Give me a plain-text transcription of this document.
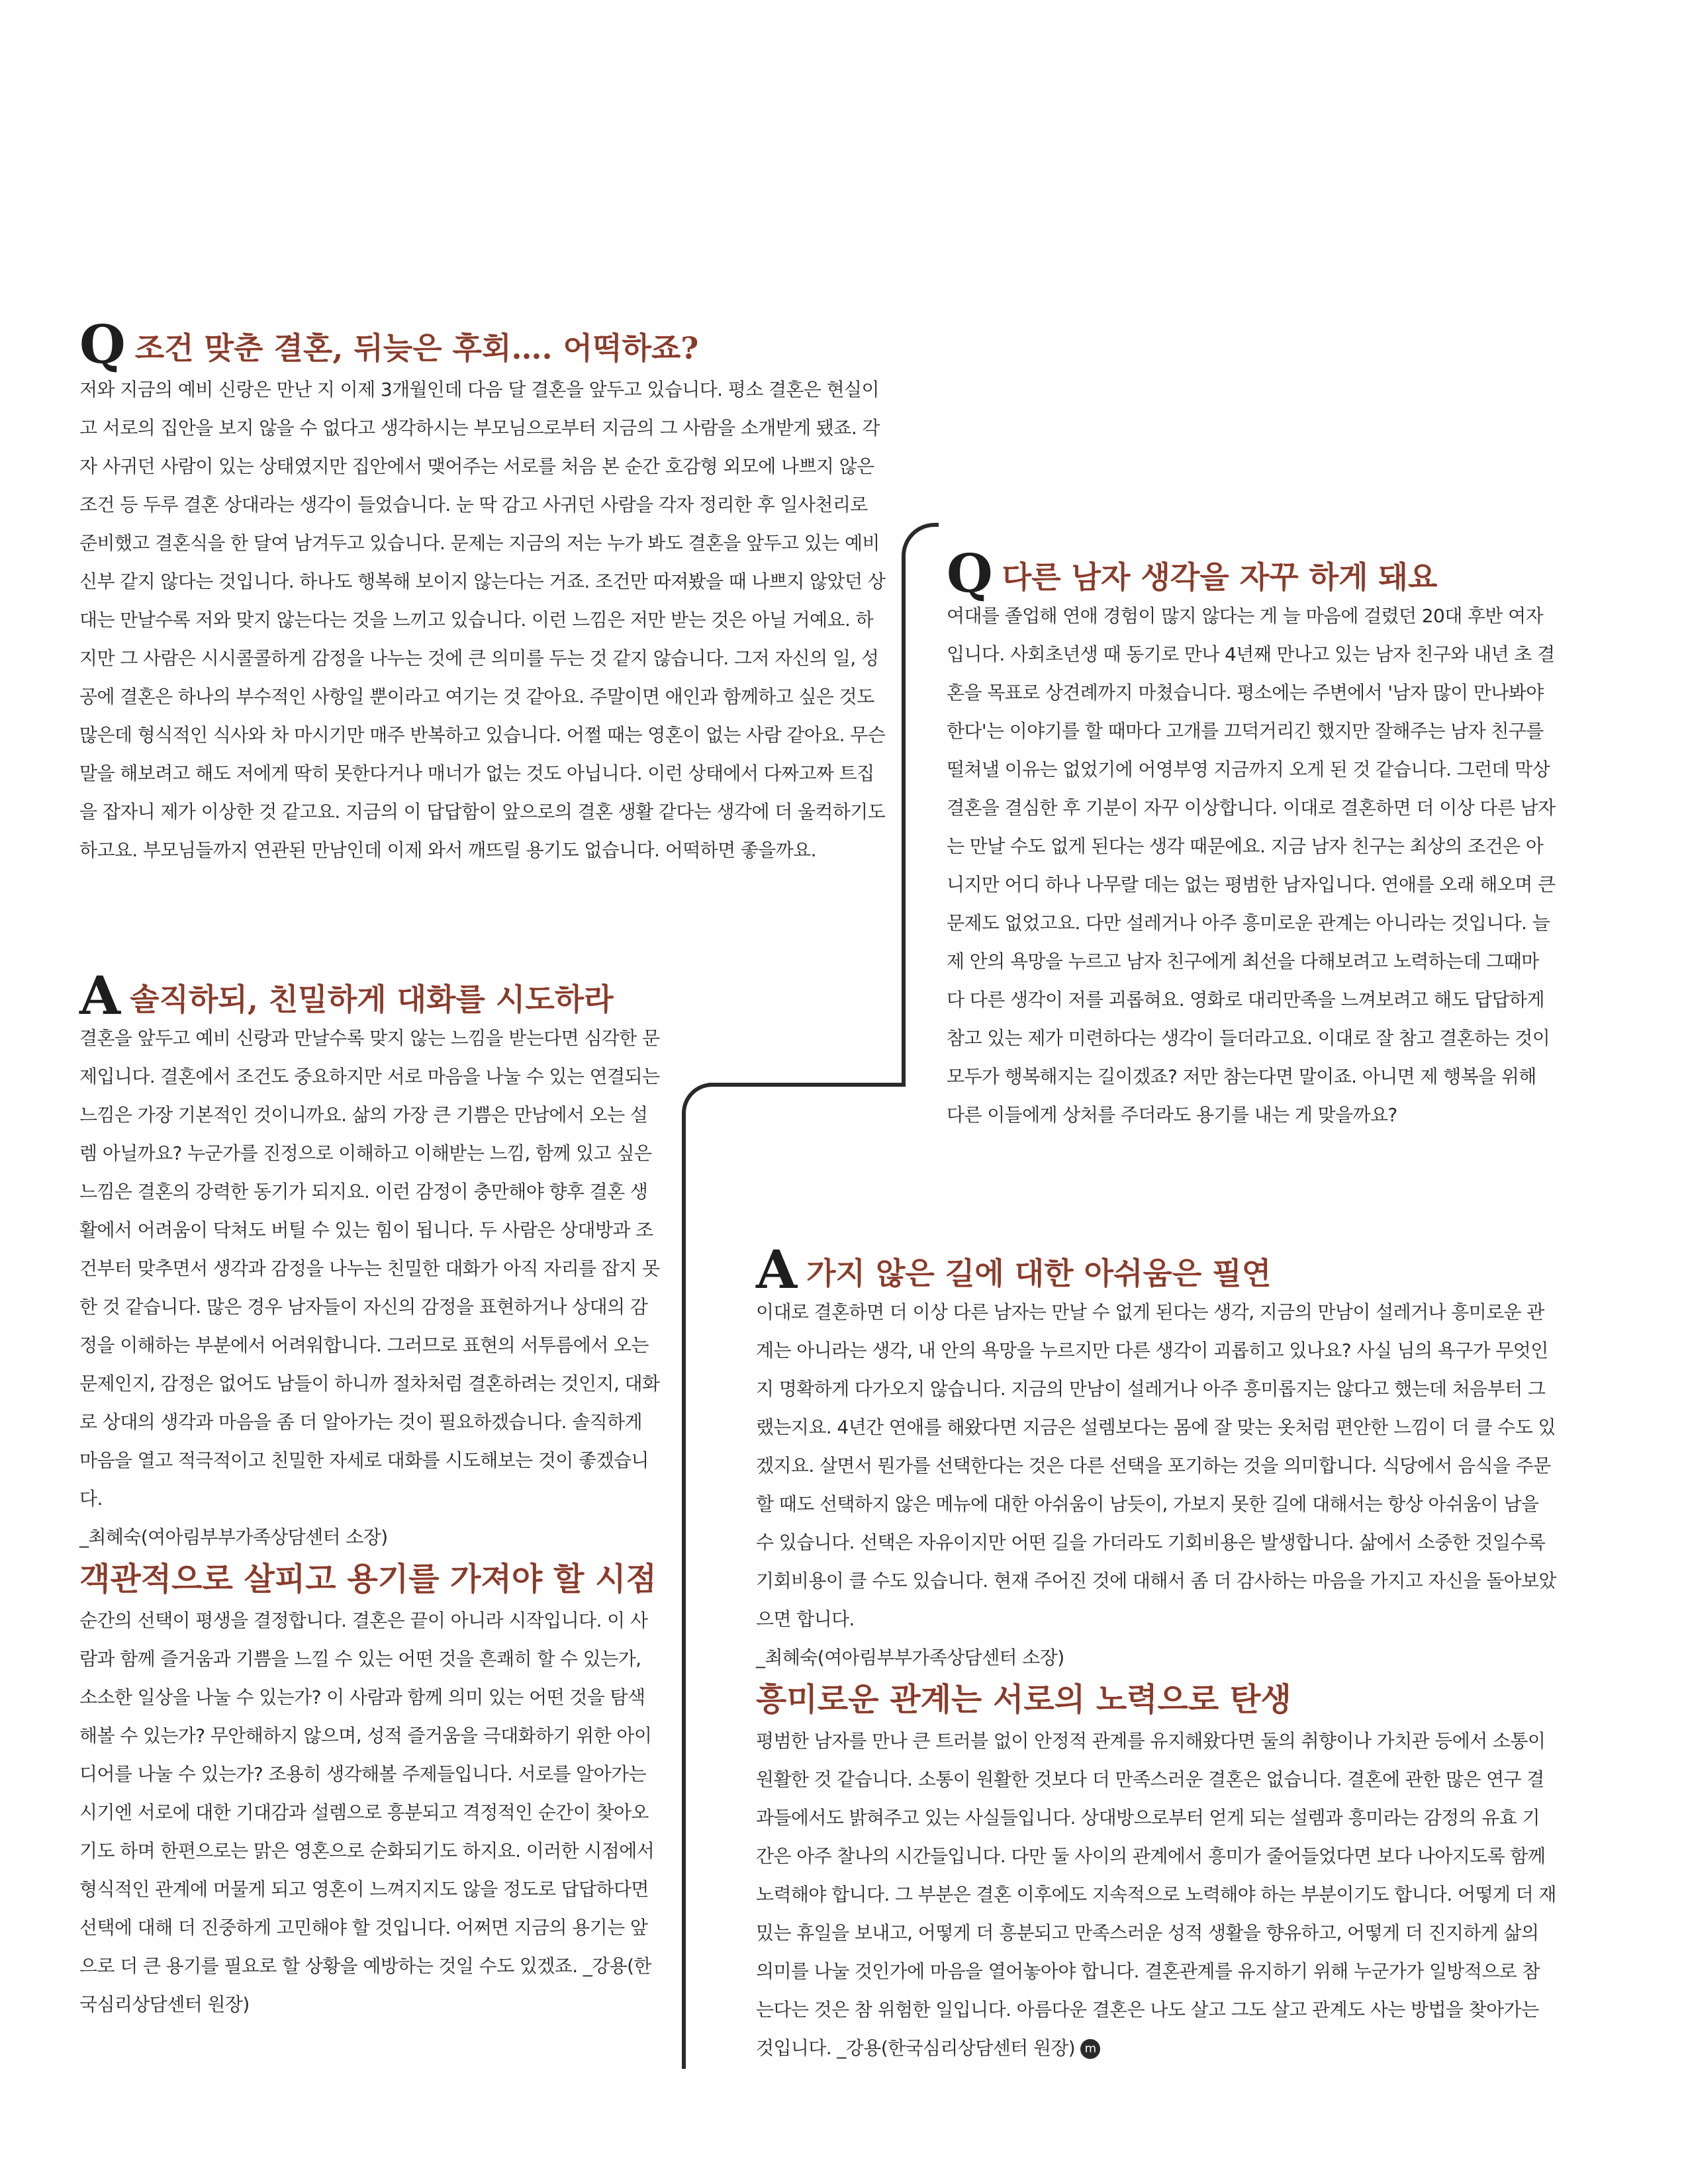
Q조건 맞춘 결혼, 뒤늦은 후회…. 어떡하죠?

저와 지금의 예비 신랑은 만난 지 이제 3개월인데 다음 달 결혼을 앞두고 있습니다. 평소 결혼은 현실이고 서로의 집안을 보지 않을 수 없다고 생각하시는 부모님으로부터 지금의 그 사람을 소개받게 됐죠. 각자 사귀던 사람이 있는 상태였지만 집안에서 맺어주는 서로를 처음 본 순간 호감형 외모에 나쁘지 않은 조건 등 두루 결혼 상대라는 생각이 들었습니다. 눈 딱 감고 사귀던 사람을 각자 정리한 후 일사천리로 준비했고 결혼식을 한 달여 남겨두고 있습니다. 문제는 지금의 저는 누가 봐도 결혼을 앞두고 있는 예비 신부 같지 않다는 것입니다. 하나도 행복해 보이지 않는다는 거죠. 조건만 따져봤을 때 나쁘지 않았던 상대는 만날수록 저와 맞지 않는다는 것을 느끼고 있습니다. 이런 느낌은 저만 받는 것은 아닐 거예요. 하지만 그 사람은 시시콜콜하게 감정을 나누는 것에 큰 의미를 두는 것 같지 않습니다. 그저 자신의 일, 성공에 결혼은 하나의 부수적인 사항일 뿐이라고 여기는 것 같아요. 주말이면 애인과 함께하고 싶은 것도 많은데 형식적인 식사와 차 마시기만 매주 반복하고 있습니다. 어쩔 때는 영혼이 없는 사람 같아요. 무슨 말을 해보려고 해도 저에게 딱히 못한다거나 매너가 없는 것도 아닙니다. 이런 상태에서 다짜고짜 트집을 잡자니 제가 이상한 것 같고요. 지금의 이 답답함이 앞으로의 결혼 생활 같다는 생각에 더 울컥하기도 하고요. 부모님들까지 연관된 만남인데 이제 와서 깨뜨릴 용기도 없습니다. 어떡하면 좋을까요.

A솔직하되, 친밀하게 대화를 시도하라

결혼을 앞두고 예비 신랑과 만날수록 맞지 않는 느낌을 받는다면 심각한 문제입니다. 결혼에서 조건도 중요하지만 서로 마음을 나눌 수 있는 연결되는 느낌은 가장 기본적인 것이니까요. 삶의 가장 큰 기쁨은 만남에서 오는 설렘 아닐까요? 누군가를 진정으로 이해하고 이해받는 느낌, 함께 있고 싶은 느낌은 결혼의 강력한 동기가 되지요. 이런 감정이 충만해야 향후 결혼 생활에서 어려움이 닥쳐도 버틸 수 있는 힘이 됩니다. 두 사람은 상대방과 조건부터 맞추면서 생각과 감정을 나누는 친밀한 대화가 아직 자리를 잡지 못한 것 같습니다. 많은 경우 남자들이 자신의 감정을 표현하거나 상대의 감정을 이해하는 부분에서 어려워합니다. 그러므로 표현의 서투름에서 오는 문제인지, 감정은 없어도 남들이 하니까 절차처럼 결혼하려는 것인지, 대화로 상대의 생각과 마음을 좀 더 알아가는 것이 필요하겠습니다. 솔직하게 마음을 열고 적극적이고 친밀한 자세로 대화를 시도해보는 것이 좋겠습니다.

_최혜숙(여아림부부가족상담센터 소장)

객관적으로 살피고 용기를 가져야 할 시점

순간의 선택이 평생을 결정합니다. 결혼은 끝이 아니라 시작입니다. 이 사람과 함께 즐거움과 기쁨을 느낄 수 있는 어떤 것을 흔쾌히 할 수 있는가, 소소한 일상을 나눌 수 있는가? 이 사람과 함께 의미 있는 어떤 것을 탐색해볼 수 있는가? 무안해하지 않으며, 성적 즐거움을 극대화하기 위한 아이디어를 나눌 수 있는가? 조용히 생각해볼 주제들입니다. 서로를 알아가는 시기엔 서로에 대한 기대감과 설렘으로 흥분되고 격정적인 순간이 찾아오기도 하며 한편으로는 맑은 영혼으로 순화되기도 하지요. 이러한 시점에서 형식적인 관계에 머물게 되고 영혼이 느껴지지도 않을 정도로 답답하다면 선택에 대해 더 진중하게 고민해야 할 것입니다. 어쩌면 지금의 용기는 앞으로 더 큰 용기를 필요로 할 상황을 예방하는 것일 수도 있겠죠. _강용(한국심리상담센터 원장)

Q다른 남자 생각을 자꾸 하게 돼요

여대를 졸업해 연애 경험이 많지 않다는 게 늘 마음에 걸렸던 20대 후반 여자입니다. 사회초년생 때 동기로 만나 4년째 만나고 있는 남자 친구와 내년 초 결혼을 목표로 상견례까지 마쳤습니다. 평소에는 주변에서 '남자 많이 만나봐야 한다'는 이야기를 할 때마다 고개를 끄덕거리긴 했지만 잘해주는 남자 친구를 떨쳐낼 이유는 없었기에 어영부영 지금까지 오게 된 것 같습니다. 그런데 막상 결혼을 결심한 후 기분이 자꾸 이상합니다. 이대로 결혼하면 더 이상 다른 남자는 만날 수도 없게 된다는 생각 때문에요. 지금 남자 친구는 최상의 조건은 아니지만 어디 하나 나무랄 데는 없는 평범한 남자입니다. 연애를 오래 해오며 큰 문제도 없었고요. 다만 설레거나 아주 흥미로운 관계는 아니라는 것입니다. 늘 제 안의 욕망을 누르고 남자 친구에게 최선을 다해보려고 노력하는데 그때마다 다른 생각이 저를 괴롭혀요. 영화로 대리만족을 느껴보려고 해도 답답하게 참고 있는 제가 미련하다는 생각이 들더라고요. 이대로 잘 참고 결혼하는 것이 모두가 행복해지는 길이겠죠? 저만 참는다면 말이죠. 아니면 제 행복을 위해 다른 이들에게 상처를 주더라도 용기를 내는 게 맞을까요?

A가지 않은 길에 대한 아쉬움은 필연

이대로 결혼하면 더 이상 다른 남자는 만날 수 없게 된다는 생각, 지금의 만남이 설레거나 흥미로운 관계는 아니라는 생각, 내 안의 욕망을 누르지만 다른 생각이 괴롭히고 있나요? 사실 님의 욕구가 무엇인지 명확하게 다가오지 않습니다. 지금의 만남이 설레거나 아주 흥미롭지는 않다고 했는데 처음부터 그랬는지요. 4년간 연애를 해왔다면 지금은 설렘보다는 몸에 잘 맞는 옷처럼 편안한 느낌이 더 클 수도 있겠지요. 살면서 뭔가를 선택한다는 것은 다른 선택을 포기하는 것을 의미합니다. 식당에서 음식을 주문할 때도 선택하지 않은 메뉴에 대한 아쉬움이 남듯이, 가보지 못한 길에 대해서는 항상 아쉬움이 남을 수 있습니다. 선택은 자유이지만 어떤 길을 가더라도 기회비용은 발생합니다. 삶에서 소중한 것일수록 기회비용이 클 수도 있습니다. 현재 주어진 것에 대해서 좀 더 감사하는 마음을 가지고 자신을 돌아보았으면 합니다.

_최혜숙(여아림부부가족상담센터 소장)

흥미로운 관계는 서로의 노력으로 탄생

평범한 남자를 만나 큰 트러블 없이 안정적 관계를 유지해왔다면 둘의 취향이나 가치관 등에서 소통이 원활한 것 같습니다. 소통이 원활한 것보다 더 만족스러운 결혼은 없습니다. 결혼에 관한 많은 연구 결과들에서도 밝혀주고 있는 사실들입니다. 상대방으로부터 얻게 되는 설렘과 흥미라는 감정의 유효 기간은 아주 찰나의 시간들입니다. 다만 둘 사이의 관계에서 흥미가 줄어들었다면 보다 나아지도록 함께 노력해야 합니다. 그 부분은 결혼 이후에도 지속적으로 노력해야 하는 부분이기도 합니다. 어떻게 더 재밌는 휴일을 보내고, 어떻게 더 흥분되고 만족스러운 성적 생활을 향유하고, 어떻게 더 진지하게 삶의 의미를 나눌 것인가에 마음을 열어놓아야 합니다. 결혼관계를 유지하기 위해 누군가가 일방적으로 참는다는 것은 참 위험한 일입니다. 아름다운 결혼은 나도 살고 그도 살고 관계도 사는 방법을 찾아가는 것입니다. _강용(한국심리상담센터 원장) m
